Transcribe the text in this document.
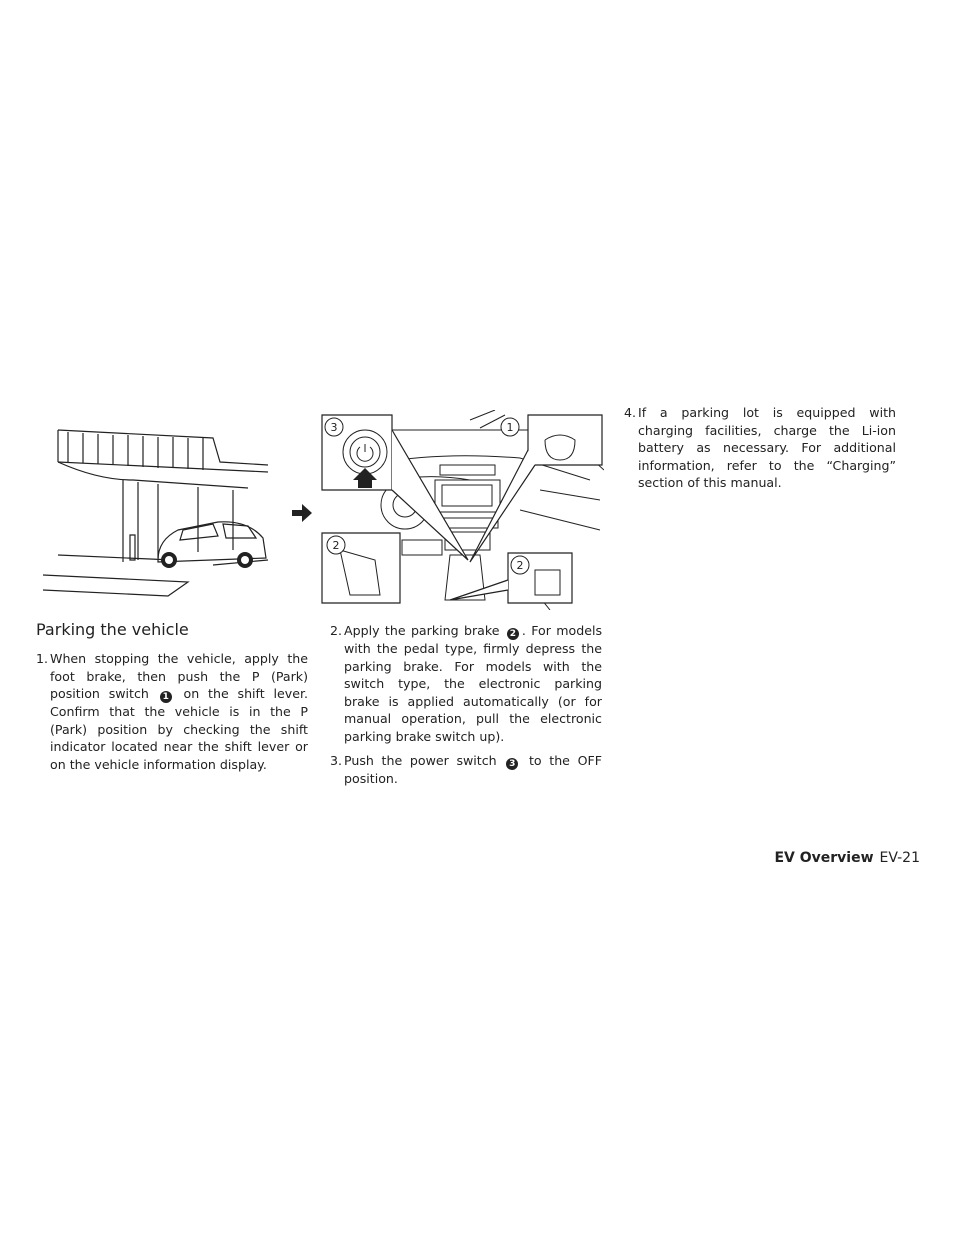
3	1
2
2
Parking the vehicle

1. When stopping the vehicle, apply the foot brake, then push the P (Park) position switch 1 on the shift lever. Confirm that the vehicle is in the P (Park) position by checking the shift indicator located near the shift lever or on the vehicle information display.

2. Apply the parking brake 2 . For models with the pedal type, firmly depress the parking brake. For models with the switch type, the electronic parking brake is applied automatically (or for manual operation, pull the electronic parking brake switch up).

3. Push the power switch 3 to the OFF position.

4. If a parking lot is equipped with charging facilities, charge the Li-ion battery as necessary. For additional information, refer to the “Charging” section of this manual.

EV Overview EV-21
